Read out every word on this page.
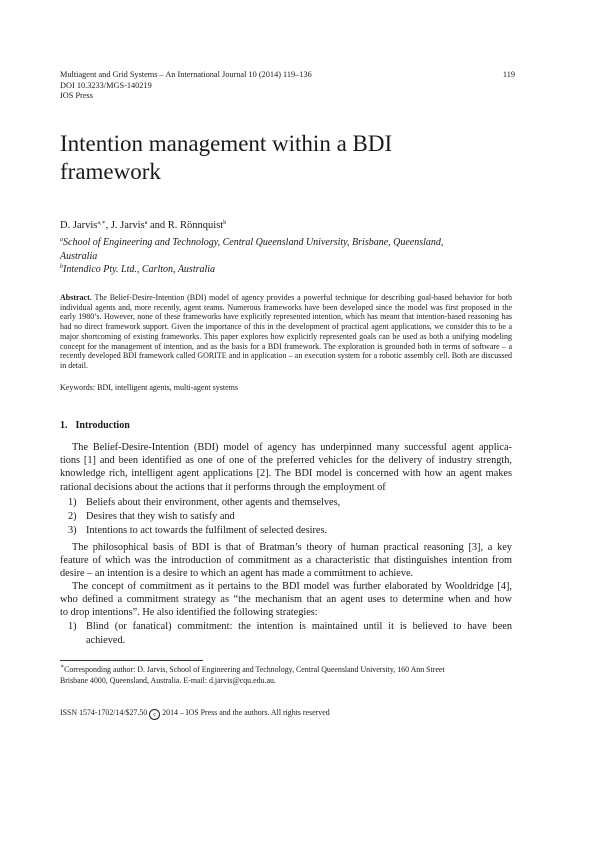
Multiagent and Grid Systems – An International Journal 10 (2014) 119–136
DOI 10.3233/MGS-140219
IOS Press
119
Intention management within a BDI
framework
D. Jarvis$^{a,∗}$, J. Jarvis$^a$ and R. Rönnquist$^b$
$^a$School of Engineering and Technology, Central Queensland University, Brisbane, Queensland,
Australia
$^b$Intendico Pty. Ltd., Carlton, Australia
Abstract. The Belief-Desire-Intention (BDI) model of agency provides a powerful technique for describing goal-based behavior for both individual agents and, more recently, agent teams. Numerous frameworks have been developed since the model was first proposed in the early 1980’s. However, none of these frameworks have explicitly represented intention, which has meant that intention-based reasoning has had no direct framework support. Given the importance of this in the development of practical agent applications, we consider this to be a major shortcoming of existing frameworks. This paper explores how explicitly represented goals can be used as both a unifying modeling concept for the management of intention, and as the basis for a BDI framework. The exploration is grounded both in terms of software – a recently developed BDI framework called GORITE and in application – an execution system for a robotic assembly cell. Both are discussed in detail.
Keywords: BDI, intelligent agents, multi-agent systems
1. Introduction
The Belief-Desire-Intention (BDI) model of agency has underpinned many successful agent applica-
tions [1] and been identified as one of one of the preferred vehicles for the delivery of industry strength,
knowledge rich, intelligent agent applications [2]. The BDI model is concerned with how an agent makes
rational decisions about the actions that it performs through the employment of
1) Beliefs about their environment, other agents and themselves,
2) Desires that they wish to satisfy and
3) Intentions to act towards the fulfilment of selected desires.
The philosophical basis of BDI is that of Bratman’s theory of human practical reasoning [3], a key
feature of which was the introduction of commitment as a characteristic that distinguishes intention from
desire – an intention is a desire to which an agent has made a commitment to achieve.
The concept of commitment as it pertains to the BDI model was further elaborated by Wooldridge [4],
who defined a commitment strategy as “the mechanism that an agent uses to determine when and how
to drop intentions”. He also identified the following strategies:
1) Blind (or fanatical) commitment: the intention is maintained until it is believed to have been
achieved.
∗Corresponding author: D. Jarvis, School of Engineering and Technology, Central Queensland University, 160 Ann Street
Brisbane 4000, Queensland, Australia. E-mail: d.jarvis@cqu.edu.au.
ISSN 1574-1702/14/$27.50 c 2014 – IOS Press and the authors. All rights reserved
